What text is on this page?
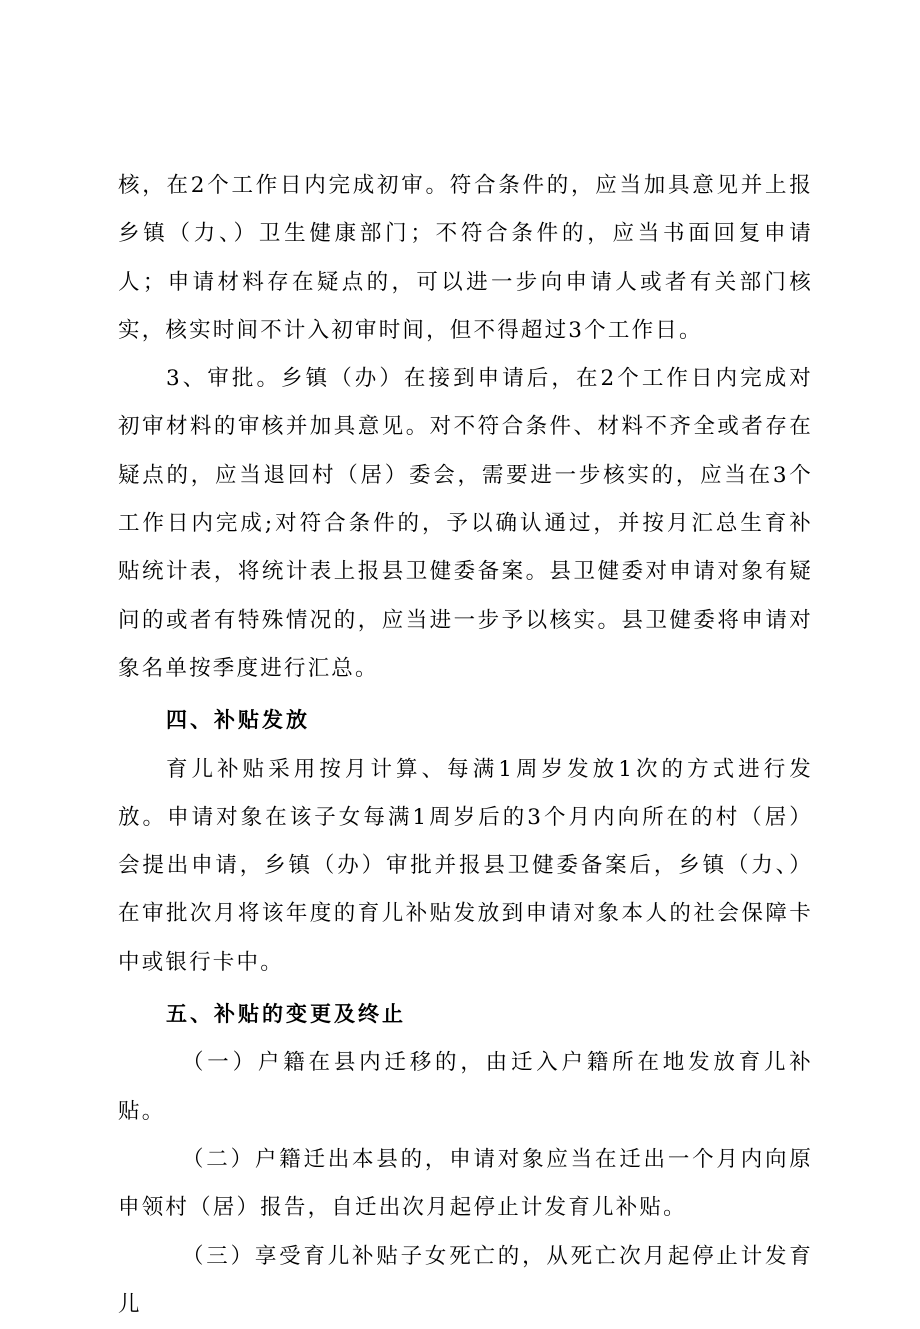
核，在2个工作日内完成初审。符合条件的，应当加具意见并上报乡镇（力、）卫生健康部门；不符合条件的，应当书面回复申请人；申请材料存在疑点的，可以进一步向申请人或者有关部门核实，核实时间不计入初审时间，但不得超过3个工作日。

3、审批。乡镇（办）在接到申请后，在2个工作日内完成对初审材料的审核并加具意见。对不符合条件、材料不齐全或者存在疑点的，应当退回村（居）委会，需要进一步核实的，应当在3个工作日内完成;对符合条件的，予以确认通过，并按月汇总生育补贴统计表，将统计表上报县卫健委备案。县卫健委对申请对象有疑问的或者有特殊情况的，应当进一步予以核实。县卫健委将申请对象名单按季度进行汇总。

四、补贴发放

育儿补贴采用按月计算、每满1周岁发放1次的方式进行发放。申请对象在该子女每满1周岁后的3个月内向所在的村（居）会提出申请，乡镇（办）审批并报县卫健委备案后，乡镇（力、）在审批次月将该年度的育儿补贴发放到申请对象本人的社会保障卡中或银行卡中。

五、补贴的变更及终止

（一）户籍在县内迁移的，由迁入户籍所在地发放育儿补贴。

（二）户籍迁出本县的，申请对象应当在迁出一个月内向原申领村（居）报告，自迁出次月起停止计发育儿补贴。

（三）享受育儿补贴子女死亡的，从死亡次月起停止计发育儿
